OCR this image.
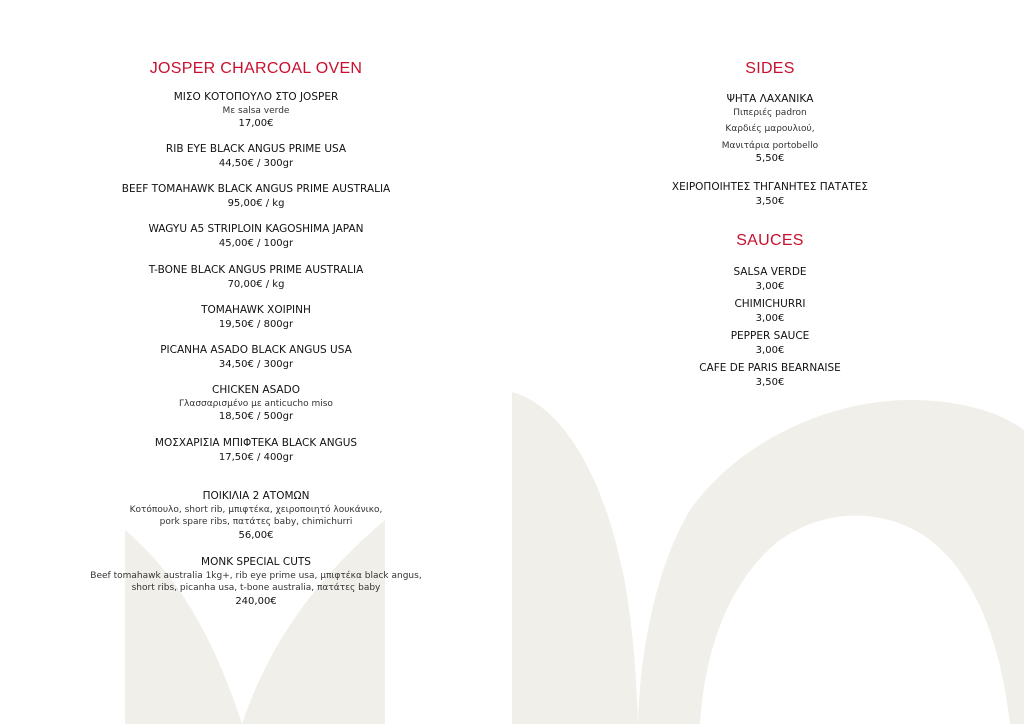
JOSPER CHARCOAL OVEN
ΜΙΣΟ ΚΟΤΟΠΟΥΛΟ ΣΤΟ JOSPER
Με salsa verde
17,00€
RIB EYE BLACK ANGUS PRIME USA
44,50€ / 300gr
BEEF TOMAHAWK BLACK ANGUS PRIME AUSTRALIA
95,00€ / kg
WAGYU A5 STRIPLOIN KAGOSHIMA JAPAN
45,00€ / 100gr
T-BONE BLACK ANGUS PRIME AUSTRALIA
70,00€ / kg
TOMAHAWK ΧΟΙΡΙΝΗ
19,50€ / 800gr
PICANHA ASADO BLACK ANGUS USA
34,50€ / 300gr
CHICKEN ASADO
Γλασσαρισμένο με anticucho miso
18,50€ / 500gr
ΜΟΣΧΑΡΙΣΙΑ ΜΠΙΦΤΕΚΑ BLACK ANGUS
17,50€ / 400gr
ΠΟΙΚΙΛΙΑ 2 ΑΤΟΜΩΝ
Κοτόπουλο, short rib, μπιφτέκα, χειροποιητό λουκάνικο,
pork spare ribs, πατάτες baby, chimichurri
56,00€
MONK SPECIAL CUTS
Beef tomahawk australia 1kg+, rib eye prime usa, μπιφτέκα black angus,
short ribs, picanha usa, t-bone australia, πατάτες baby
240,00€
SIDES
ΨΗΤΑ ΛΑΧΑΝΙΚΑ
Πιπεριές padron
Καρδιές μαρουλιού,
Μανιτάρια portobello
5,50€
ΧΕΙΡΟΠΟΙΗΤΕΣ ΤΗΓΑΝΗΤΕΣ ΠΑΤΑΤΕΣ
3,50€
SAUCES
SALSA VERDE
3,00€
CHIMICHURRI
3,00€
PEPPER SAUCE
3,00€
CAFE DE PARIS BEARNAISE
3,50€
